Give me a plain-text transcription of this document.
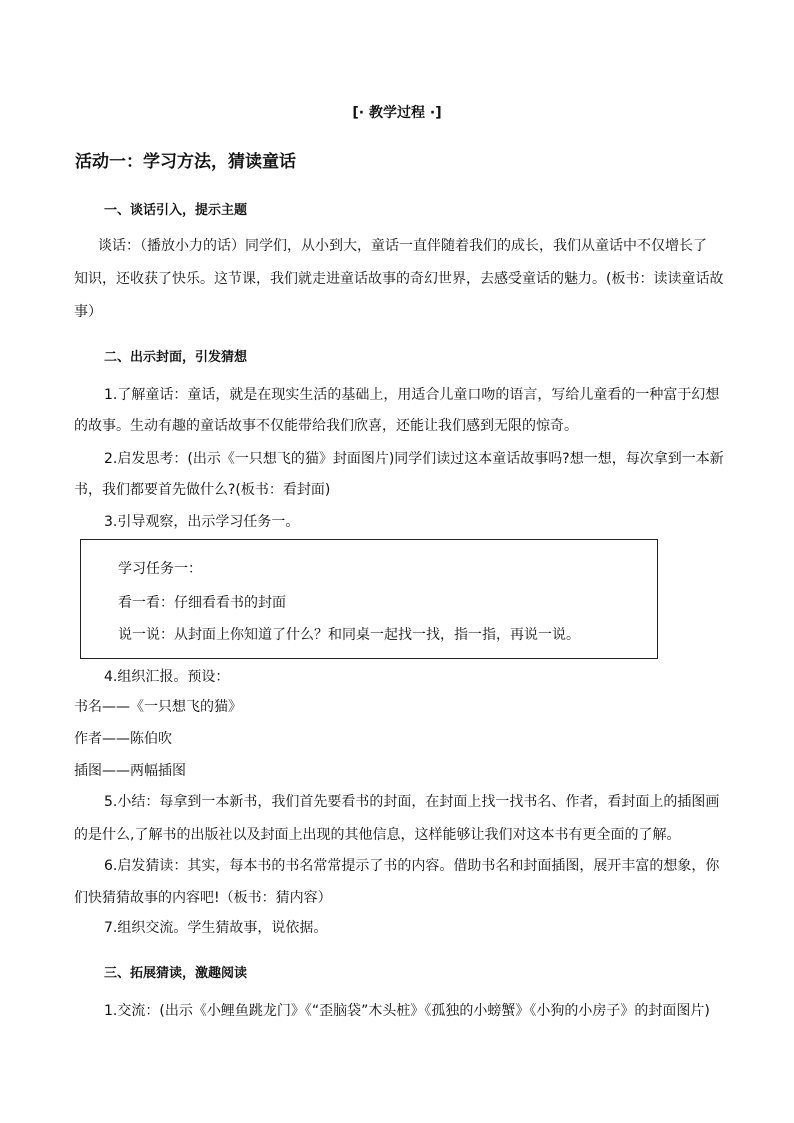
[· 教学过程 ·]
活动一：学习方法，猜读童话
一、谈话引入，提示主题
谈话：（播放小力的话）同学们，从小到大，童话一直伴随着我们的成长，我们从童话中不仅增长了
知识，还收获了快乐。这节课，我们就走进童话故事的奇幻世界，去感受童话的魅力。(板书：读读童话故
事）
二、出示封面，引发猜想
1.了解童话：童话，就是在现实生活的基础上，用适合儿童口吻的语言，写给儿童看的一种富于幻想
的故事。生动有趣的童话故事不仅能带给我们欣喜，还能让我们感到无限的惊奇。
2.启发思考：(出示《一只想飞的猫》封面图片)同学们读过这本童话故事吗?想一想，每次拿到一本新
书，我们都要首先做什么?(板书：看封面)
3.引导观察，出示学习任务一。
学习任务一：
看一看：仔细看看书的封面
说一说：从封面上你知道了什么？和同桌一起找一找，指一指，再说一说。
4.组织汇报。预设：
书名——《一只想飞的猫》
作者——陈伯吹
插图——两幅插图
5.小结：每拿到一本新书，我们首先要看书的封面，在封面上找一找书名、作者，看封面上的插图画
的是什么,了解书的出版社以及封面上出现的其他信息，这样能够让我们对这本书有更全面的了解。
6.启发猜读：其实，每本书的书名常常提示了书的内容。借助书名和封面插图，展开丰富的想象，你
们快猜猜故事的内容吧!（板书：猜内容）
7.组织交流。学生猜故事，说依据。
三、拓展猜读，激趣阅读
1.交流：(出示《小鲤鱼跳龙门》《“歪脑袋”木头桩》《孤独的小螃蟹》《小狗的小房子》的封面图片)
